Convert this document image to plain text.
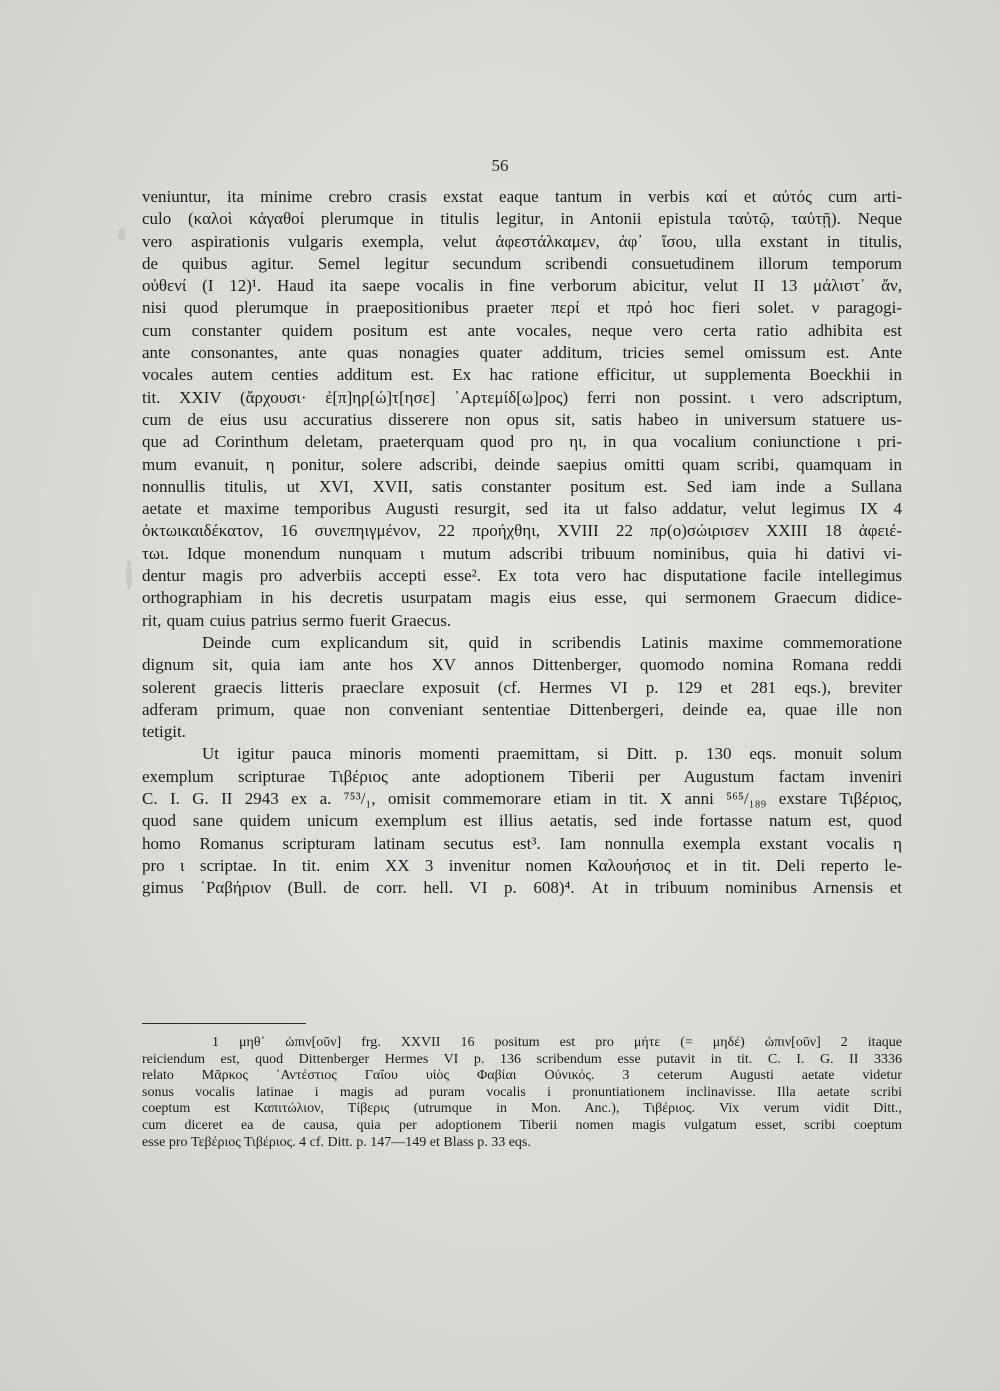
56
veniuntur, ita minime crebro crasis exstat eaque tantum in verbis καί et αὐτός cum arti-
culo (καλοὶ κἀγαθοί plerumque in titulis legitur, in Antonii epistula ταὐτῷ, ταὐτῇ). Neque
vero aspirationis vulgaris exempla, velut ἀφεστάλκαμεν, ἀφ᾽ ἴσου, ulla exstant in titulis,
de quibus agitur. Semel legitur secundum scribendi consuetudinem illorum temporum
οὐθενί (I 12)¹. Haud ita saepe vocalis in fine verborum abicitur, velut II 13 μάλιστ᾽ ἄν,
nisi quod plerumque in praepositionibus praeter περί et πρό hoc fieri solet. ν paragogi-
cum constanter quidem positum est ante vocales, neque vero certa ratio adhibita est
ante consonantes, ante quas nonagies quater additum, tricies semel omissum est. Ante
vocales autem centies additum est. Ex hac ratione efficitur, ut supplementa Boeckhii in
tit. XXIV (ἄρχουσι· ἐ[π]ηρ[ώ]τ[ησε] ᾿Αρτεμίδ[ω]ρος) ferri non possint. ι vero adscriptum,
cum de eius usu accuratius disserere non opus sit, satis habeo in universum statuere us-
que ad Corinthum deletam, praeterquam quod pro ηι, in qua vocalium coniunctione ι pri-
mum evanuit, η ponitur, solere adscribi, deinde saepius omitti quam scribi, quamquam in
nonnullis titulis, ut XVI, XVII, satis constanter positum est. Sed iam inde a Sullana
aetate et maxime temporibus Augusti resurgit, sed ita ut falso addatur, velut legimus IX 4
ὀκτωικαιδέκατον, 16 συνεπηιγμένον, 22 προήχθηι, XVIII 22 πρ(ο)σώιρισεν XXIII 18 ἀφειέ-
τωι. Idque monendum nunquam ι mutum adscribi tribuum nominibus, quia hi dativi vi-
dentur magis pro adverbiis accepti esse². Ex tota vero hac disputatione facile intellegimus
orthographiam in his decretis usurpatam magis eius esse, qui sermonem Graecum didice-
rit, quam cuius patrius sermo fuerit Graecus.
Deinde cum explicandum sit, quid in scribendis Latinis maxime commemoratione
dignum sit, quia iam ante hos XV annos Dittenberger, quomodo nomina Romana reddi
solerent graecis litteris praeclare exposuit (cf. Hermes VI p. 129 et 281 eqs.), breviter
adferam primum, quae non conveniant sententiae Dittenbergeri, deinde ea, quae ille non
tetigit.
Ut igitur pauca minoris momenti praemittam, si Ditt. p. 130 eqs. monuit solum
exemplum scripturae Τιβέριος ante adoptionem Tiberii per Augustum factam inveniri
C. I. G. II 2943 ex a. ⁷⁵³/₁, omisit commemorare etiam in tit. X anni ⁵⁶⁵/₁₈₉ exstare Τιβέριος,
quod sane quidem unicum exemplum est illius aetatis, sed inde fortasse natum est, quod
homo Romanus scripturam latinam secutus est³. Iam nonnulla exempla exstant vocalis η
pro ι scriptae. In tit. enim XX 3 invenitur nomen Καλουήσιος et in tit. Deli reperto le-
gimus ῾Ραβήριον (Bull. de corr. hell. VI p. 608)⁴. At in tribuum nominibus Arnensis et
1 μηθ᾽ ὠπιν[οῦν] frg. XXVII 16 positum est pro μήτε (= μηδέ) ὠπιν[οῦν] 2 itaque
reiciendum est, quod Dittenberger Hermes VI p. 136 scribendum esse putavit in tit. C. I. G. II 3336
relato Μᾶρκος ᾿Αντέστιος Γαΐου υἱὸς Φαβίαι Οὐνικός. 3 ceterum Augusti aetate videtur
sonus vocalis latinae i magis ad puram vocalis i pronuntiationem inclinavisse. Illa aetate scribi
coeptum est Καπιτώλιον, Τίβερις (utrumque in Mon. Anc.), Τιβέριος. Vix verum vidit Ditt.,
cum diceret ea de causa, quia per adoptionem Tiberii nomen magis vulgatum esset, scribi coeptum
esse pro Τεβέριος Τιβέριος. 4 cf. Ditt. p. 147—149 et Blass p. 33 eqs.
